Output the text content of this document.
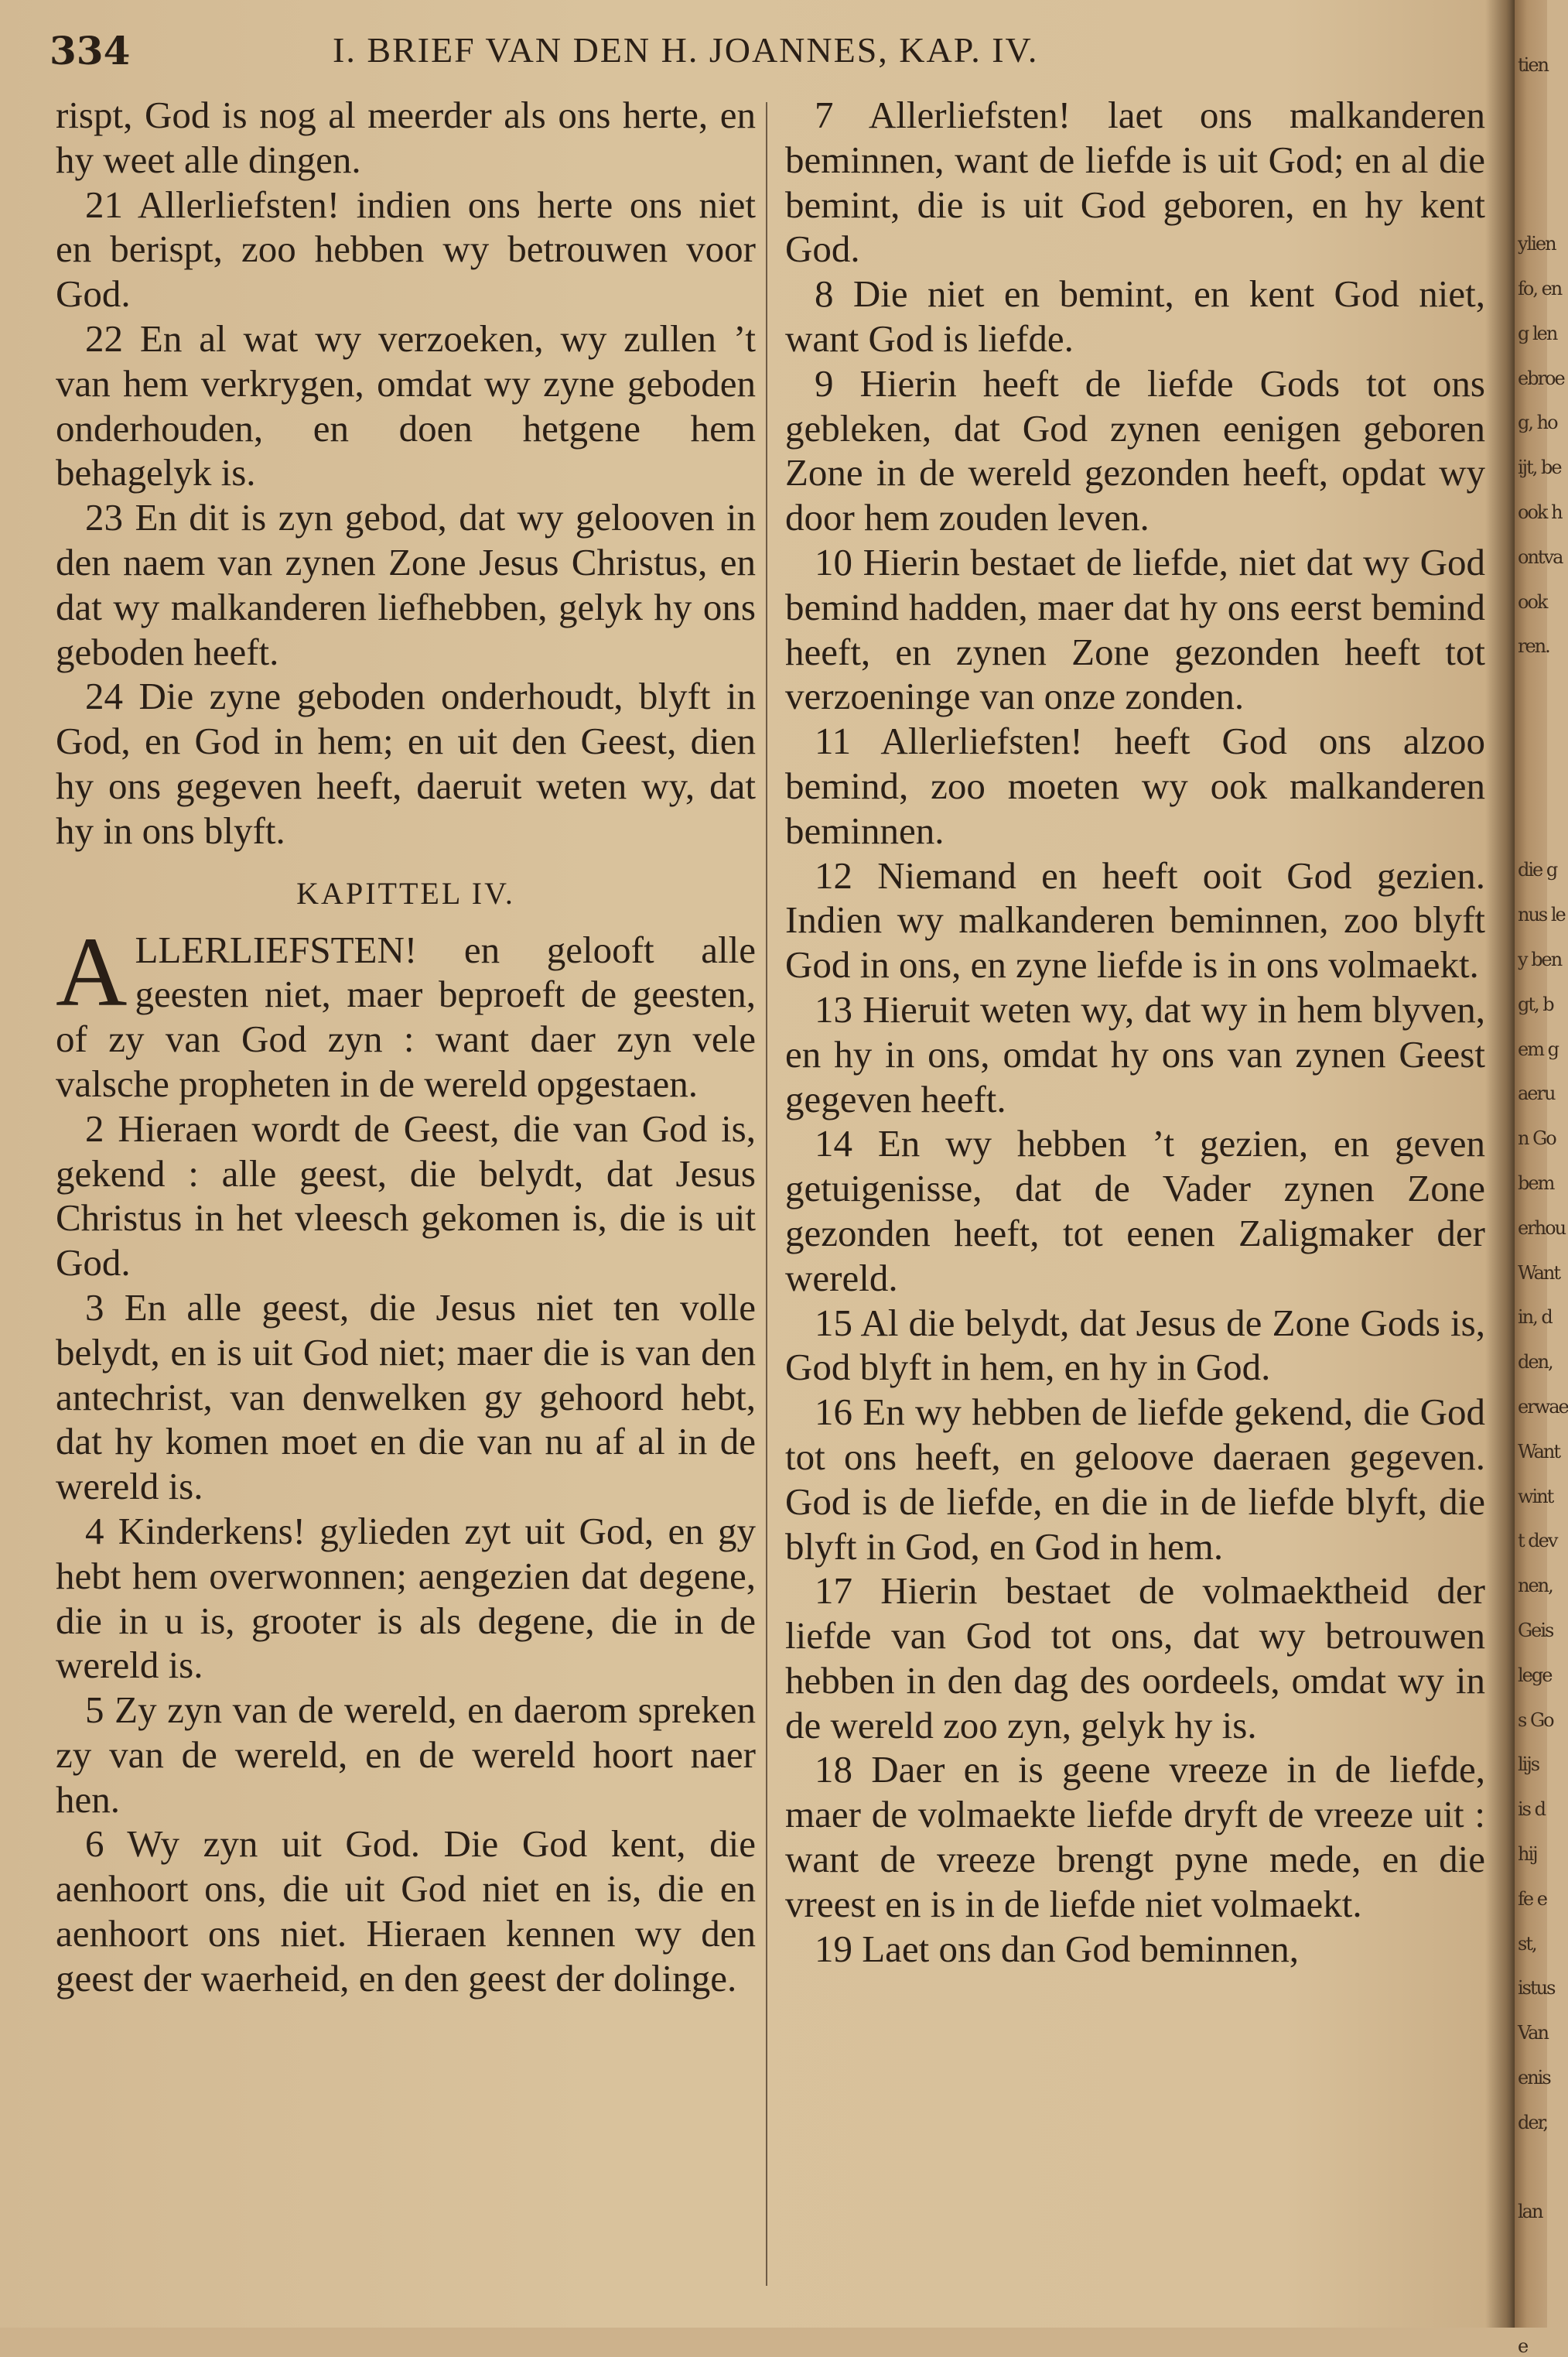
334	I. BRIEF VAN DEN H. JOANNES, KAP. IV.

rispt, God is nog al meerder als ons herte, en hy weet alle dingen.

21 Allerliefsten! indien ons herte ons niet en berispt, zoo hebben wy betrouwen voor God.

22 En al wat wy verzoeken, wy zullen ’t van hem verkrygen, omdat wy zyne geboden onderhouden, en doen hetgene hem behagelyk is.

23 En dit is zyn gebod, dat wy gelooven in den naem van zynen Zone Jesus Christus, en dat wy malkanderen liefhebben, gelyk hy ons geboden heeft.

24 Die zyne geboden onderhoudt, blyft in God, en God in hem; en uit den Geest, dien hy ons gegeven heeft, daeruit weten wy, dat hy in ons blyft.

KAPITTEL IV.

ALLERLIEFSTEN! en gelooft alle geesten niet, maer beproeft de geesten, of zy van God zyn : want daer zyn vele valsche propheten in de wereld opgestaen.

2 Hieraen wordt de Geest, die van God is, gekend : alle geest, die belydt, dat Jesus Christus in het vleesch gekomen is, die is uit God.

3 En alle geest, die Jesus niet ten volle belydt, en is uit God niet; maer die is van den antechrist, van denwelken gy gehoord hebt, dat hy komen moet en die van nu af al in de wereld is.

4 Kinderkens! gylieden zyt uit God, en gy hebt hem overwonnen; aengezien dat degene, die in u is, grooter is als degene, die in de wereld is.

5 Zy zyn van de wereld, en daerom spreken zy van de wereld, en de wereld hoort naer hen.

6 Wy zyn uit God. Die God kent, die aenhoort ons, die uit God niet en is, die en aenhoort ons niet. Hieraen kennen wy den geest der waerheid, en den geest der dolinge.

7 Allerliefsten! laet ons malkanderen beminnen, want de liefde is uit God; en al die bemint, die is uit God geboren, en hy kent God.

8 Die niet en bemint, en kent God niet, want God is liefde.

9 Hierin heeft de liefde Gods tot ons gebleken, dat God zynen eenigen geboren Zone in de wereld gezonden heeft, opdat wy door hem zouden leven.

10 Hierin bestaet de liefde, niet dat wy God bemind hadden, maer dat hy ons eerst bemind heeft, en zynen Zone gezonden heeft tot verzoeninge van onze zonden.

11 Allerliefsten! heeft God ons alzoo bemind, zoo moeten wy ook malkanderen beminnen.

12 Niemand en heeft ooit God gezien. Indien wy malkanderen beminnen, zoo blyft God in ons, en zyne liefde is in ons volmaekt.

13 Hieruit weten wy, dat wy in hem blyven, en hy in ons, omdat hy ons van zynen Geest gegeven heeft.

14 En wy hebben ’t gezien, en geven getuigenisse, dat de Vader zynen Zone gezonden heeft, tot eenen Zaligmaker der wereld.

15 Al die belydt, dat Jesus de Zone Gods is, God blyft in hem, en hy in God.

16 En wy hebben de liefde gekend, die God tot ons heeft, en geloove daeraen gegeven. God is de liefde, en die in de liefde blyft, die blyft in God, en God in hem.

17 Hierin bestaet de volmaektheid der liefde van God tot ons, dat wy betrouwen hebben in den dag des oordeels, omdat wy in de wereld zoo zyn, gelyk hy is.

18 Daer en is geene vreeze in de liefde, maer de volmaekte liefde dryft de vreeze uit : want de vreeze brengt pyne mede, en die vreest en is in de liefde niet volmaekt.

19 Laet ons dan God beminnen,

tien
ylien
fo, en
g len
ebroe
g, ho
ijt, be
ook h
ontva
ook
ren.
die g
nus le
y ben
gt, b
em g
aeru
n Go
bem
erhou
Want
in, d
den,
erwae
Want
wint
t dev
nen,
Geis
lege
s Go
lijs
is d
hij
fe e
st,
istus
Van
enis
der,
lan
e
